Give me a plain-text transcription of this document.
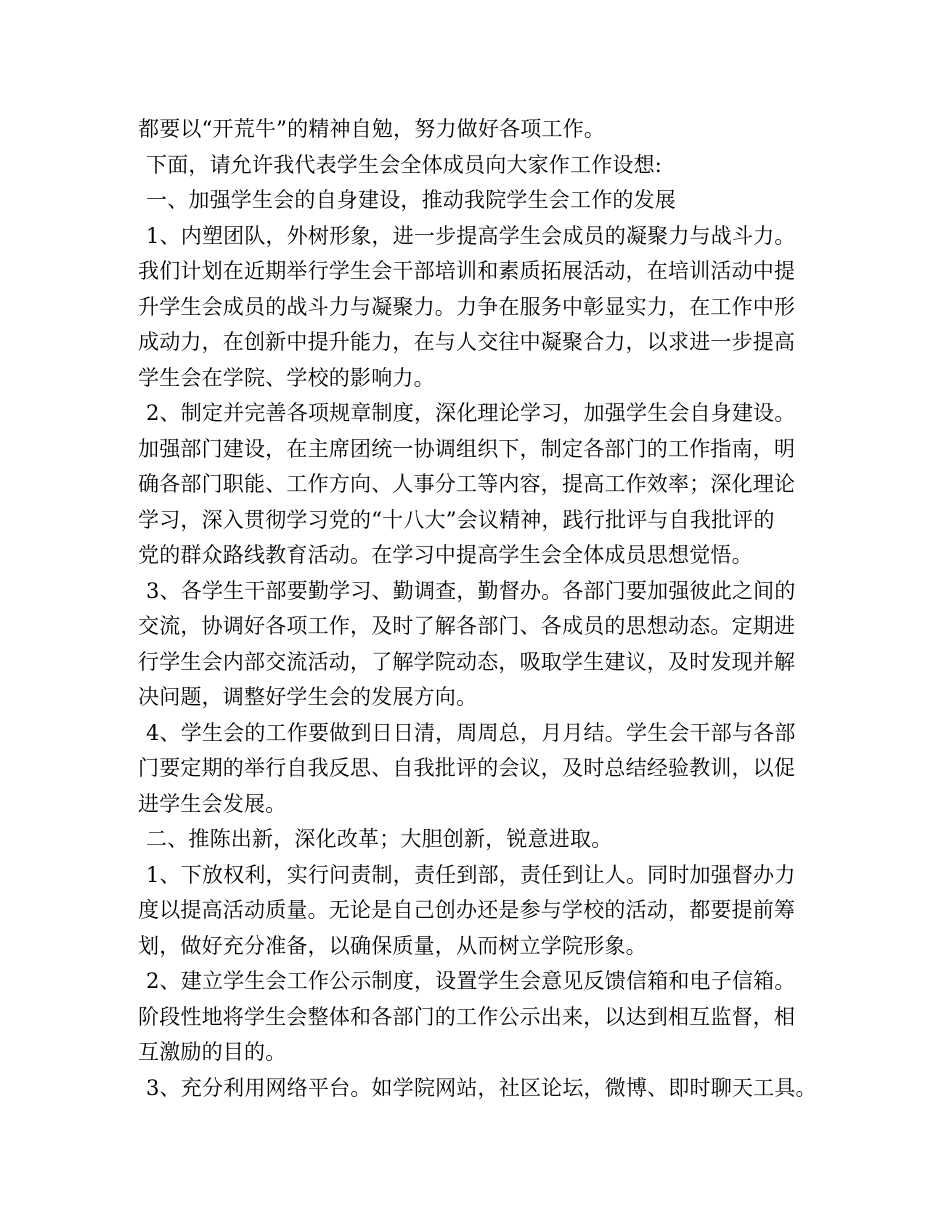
都要以“开荒牛”的精神自勉，努力做好各项工作。
下面，请允许我代表学生会全体成员向大家作工作设想:
一、加强学生会的自身建设，推动我院学生会工作的发展
1、内塑团队，外树形象，进一步提高学生会成员的凝聚力与战斗力。
我们计划在近期举行学生会干部培训和素质拓展活动，在培训活动中提
升学生会成员的战斗力与凝聚力。力争在服务中彰显实力，在工作中形
成动力，在创新中提升能力，在与人交往中凝聚合力，以求进一步提高
学生会在学院、学校的影响力。
2、制定并完善各项规章制度，深化理论学习，加强学生会自身建设。
加强部门建设，在主席团统一协调组织下，制定各部门的工作指南，明
确各部门职能、工作方向、人事分工等内容，提高工作效率；深化理论
学习，深入贯彻学习党的“十八大”会议精神，践行批评与自我批评的
党的群众路线教育活动。在学习中提高学生会全体成员思想觉悟。
3、各学生干部要勤学习、勤调查，勤督办。各部门要加强彼此之间的
交流，协调好各项工作，及时了解各部门、各成员的思想动态。定期进
行学生会内部交流活动，了解学院动态，吸取学生建议，及时发现并解
决问题，调整好学生会的发展方向。
4、学生会的工作要做到日日清，周周总，月月结。学生会干部与各部
门要定期的举行自我反思、自我批评的会议，及时总结经验教训，以促
进学生会发展。
二、推陈出新，深化改革；大胆创新，锐意进取。
1、下放权利，实行问责制，责任到部，责任到让人。同时加强督办力
度以提高活动质量。无论是自己创办还是参与学校的活动，都要提前筹
划，做好充分准备，以确保质量，从而树立学院形象。
2、建立学生会工作公示制度，设置学生会意见反馈信箱和电子信箱。
阶段性地将学生会整体和各部门的工作公示出来，以达到相互监督，相
互激励的目的。
3、充分利用网络平台。如学院网站，社区论坛，微博、即时聊天工具。
